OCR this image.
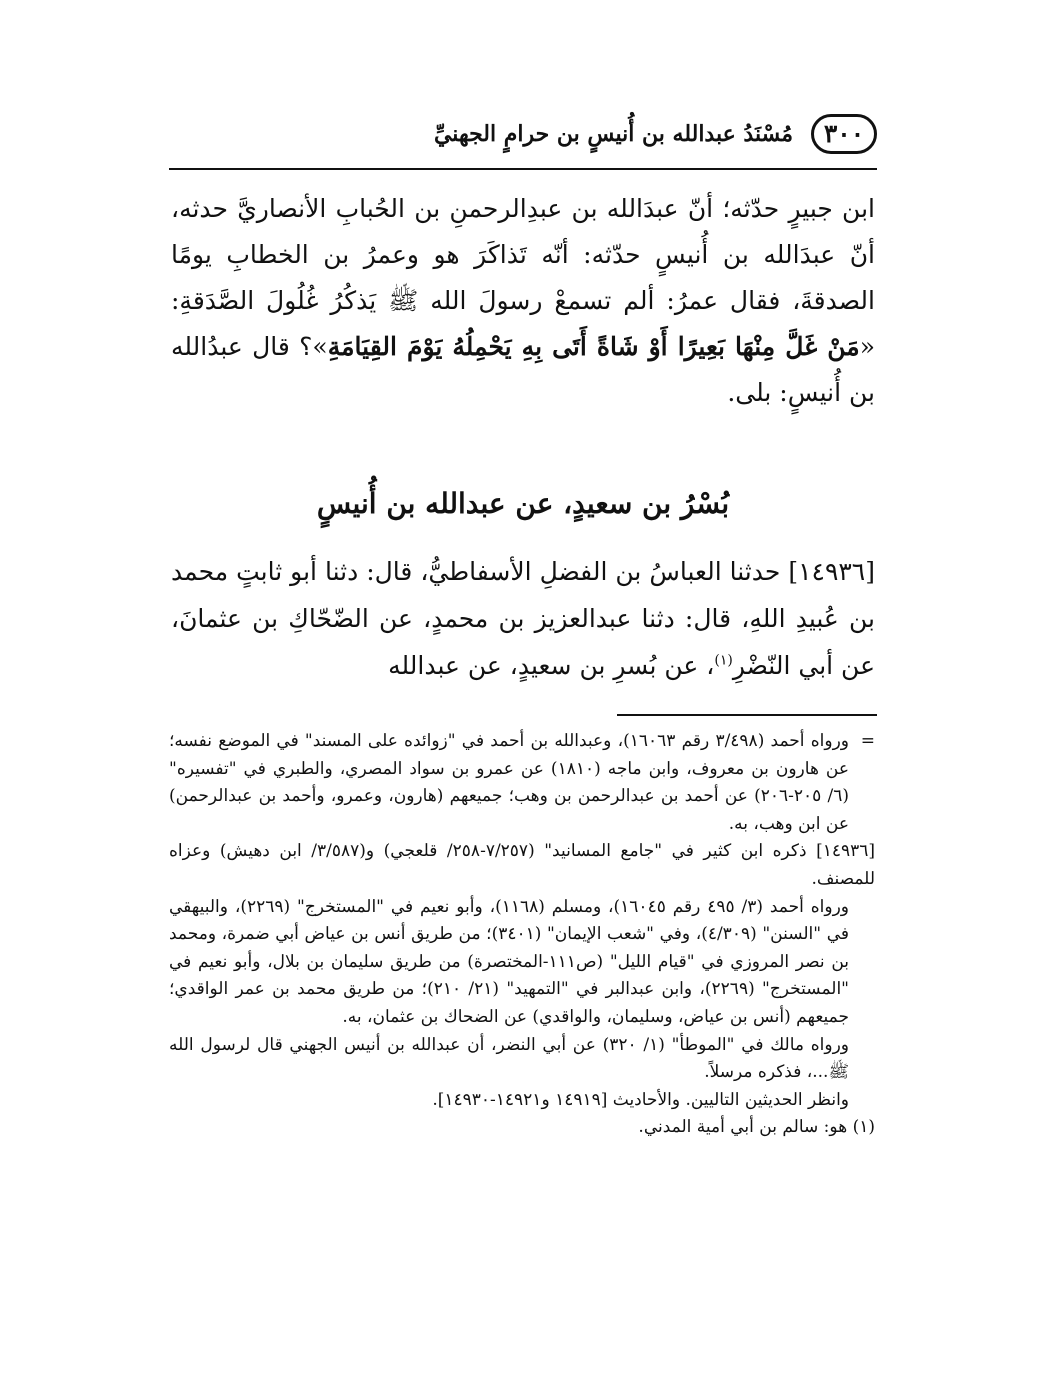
٣٠٠
مُسْنَدُ عبدالله بن أُنيسٍ بن حرامٍ الجهنيِّ

ابن جبيرٍ حدّثه؛ أنّ عبدَالله بن عبدِالرحمنِ بن الحُبابِ الأنصاريَّ حدثه، أنّ عبدَالله بن أُنيسٍ حدّثه: أنّه تَذاكَرَ هو وعمرُ بن الخطابِ يومًا الصدقةَ، فقال عمرُ: ألم تسمعْ رسولَ الله ﷺ يَذكُرُ غُلُولَ الصَّدَقةِ: «مَنْ غَلَّ مِنْهَا بَعِيرًا أَوْ شَاةً أَتَى بِهِ يَحْمِلُهُ يَوْمَ القِيَامَةِ»؟ قال عبدُالله بن أُنيسٍ: بلى.

بُسْرُ بن سعيدٍ، عن عبدالله بن أُنيسٍ

[١٤٩٣٦] حدثنا العباسُ بن الفضلِ الأسفاطيُّ، قال: دثنا أبو ثابتٍ محمد بن عُبيدِ اللهِ، قال: دثنا عبدالعزيز بن محمدٍ، عن الضّحّاكِ بن عثمانَ، عن أبي النّضْرِ$^{(١)}$، عن بُسرِ بن سعيدٍ، عن عبدالله

=
ورواه أحمد (٣/٤٩٨ رقم ١٦٠٦٣)، وعبدالله بن أحمد في "زوائده على المسند" في الموضع نفسه؛ عن هارون بن معروف، وابن ماجه (١٨١٠) عن عمرو بن سواد المصري، والطبري في "تفسيره" (٦/ ٢٠٥-٢٠٦) عن أحمد بن عبدالرحمن بن وهب؛ جميعهم (هارون، وعمرو، وأحمد بن عبدالرحمن) عن ابن وهب، به.

[١٤٩٣٦] ذكره ابن كثير في "جامع المسانيد" (٧/٢٥٧-٢٥٨/ قلعجي) و(٣/٥٨٧/ ابن دهيش) وعزاه للمصنف.

ورواه أحمد (٣/ ٤٩٥ رقم ١٦٠٤٥)، ومسلم (١١٦٨)، وأبو نعيم في "المستخرج" (٢٢٦٩)، والبيهقي في "السنن" (٤/٣٠٩)، وفي "شعب الإيمان" (٣٤٠١)؛ من طريق أنس بن عياض أبي ضمرة، ومحمد بن نصر المروزي في "قيام الليل" (ص١١١-المختصرة) من طريق سليمان بن بلال، وأبو نعيم في "المستخرج" (٢٢٦٩)، وابن عبدالبر في "التمهيد" (٢١/ ٢١٠)؛ من طريق محمد بن عمر الواقدي؛ جميعهم (أنس بن عياض، وسليمان، والواقدي) عن الضحاك بن عثمان، به.

ورواه مالك في "الموطأ" (١/ ٣٢٠) عن أبي النضر، أن عبدالله بن أنيس الجهني قال لرسول الله ﷺ...، فذكره مرسلاً.

وانظر الحديثين التاليين. والأحاديث [١٤٩١٩ و١٤٩٢١-١٤٩٣٠].

(١) هو: سالم بن أبي أمية المدني.
